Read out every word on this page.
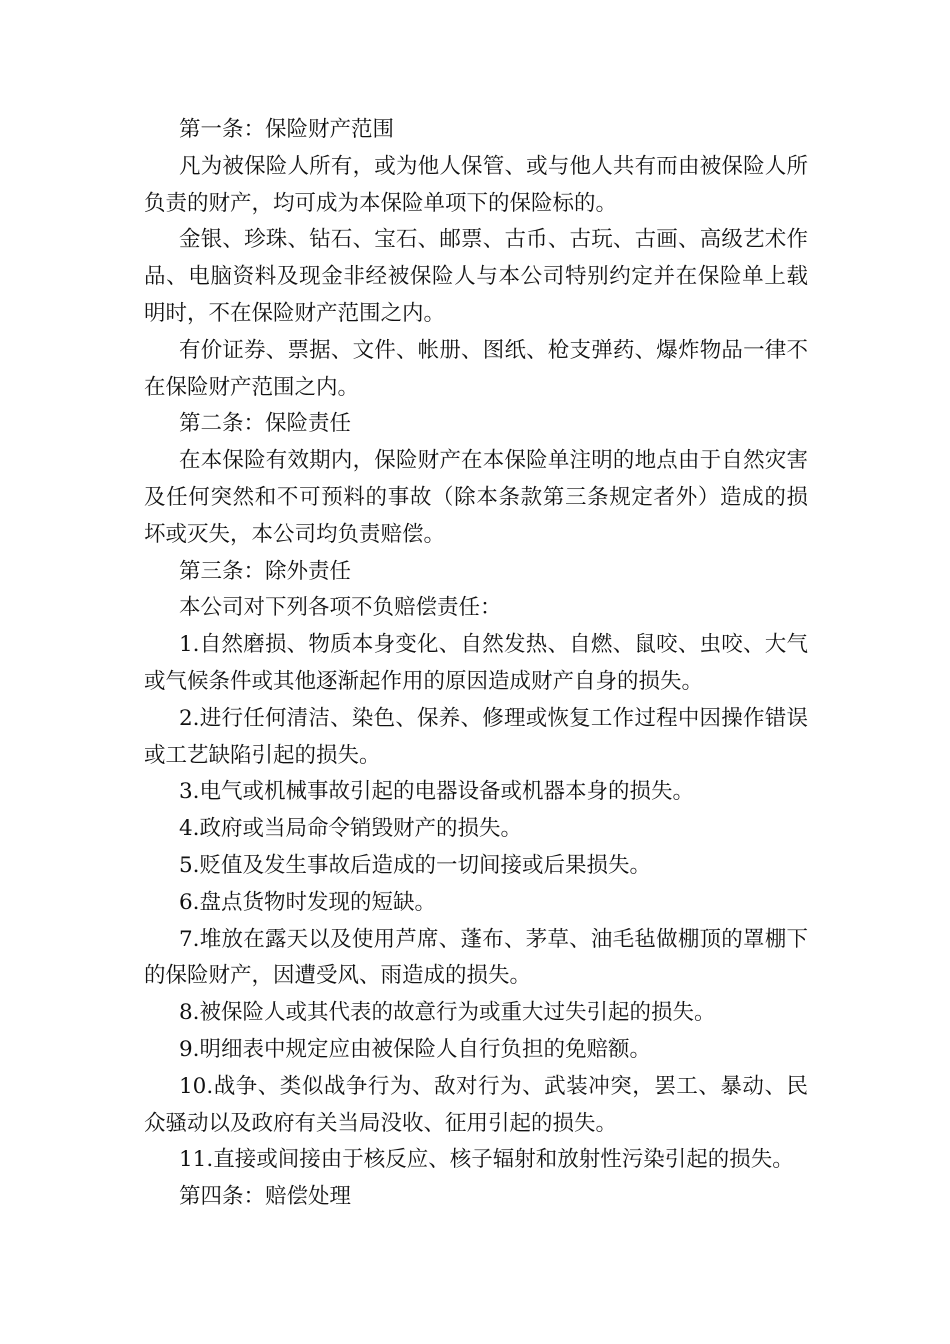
第一条：保险财产范围

凡为被保险人所有，或为他人保管、或与他人共有而由被保险人所负责的财产，均可成为本保险单项下的保险标的。

金银、珍珠、钻石、宝石、邮票、古币、古玩、古画、高级艺术作品、电脑资料及现金非经被保险人与本公司特别约定并在保险单上载明时，不在保险财产范围之内。

有价证券、票据、文件、帐册、图纸、枪支弹药、爆炸物品一律不在保险财产范围之内。

第二条：保险责任

在本保险有效期内，保险财产在本保险单注明的地点由于自然灾害及任何突然和不可预料的事故（除本条款第三条规定者外）造成的损坏或灭失，本公司均负责赔偿。

第三条：除外责任

本公司对下列各项不负赔偿责任：

1.自然磨损、物质本身变化、自然发热、自燃、鼠咬、虫咬、大气或气候条件或其他逐渐起作用的原因造成财产自身的损失。

2.进行任何清洁、染色、保养、修理或恢复工作过程中因操作错误或工艺缺陷引起的损失。

3.电气或机械事故引起的电器设备或机器本身的损失。

4.政府或当局命令销毁财产的损失。

5.贬值及发生事故后造成的一切间接或后果损失。

6.盘点货物时发现的短缺。

7.堆放在露天以及使用芦席、蓬布、茅草、油毛毡做棚顶的罩棚下的保险财产，因遭受风、雨造成的损失。

8.被保险人或其代表的故意行为或重大过失引起的损失。

9.明细表中规定应由被保险人自行负担的免赔额。

10.战争、类似战争行为、敌对行为、武装冲突，罢工、暴动、民众骚动以及政府有关当局没收、征用引起的损失。

11.直接或间接由于核反应、核子辐射和放射性污染引起的损失。

第四条：赔偿处理
